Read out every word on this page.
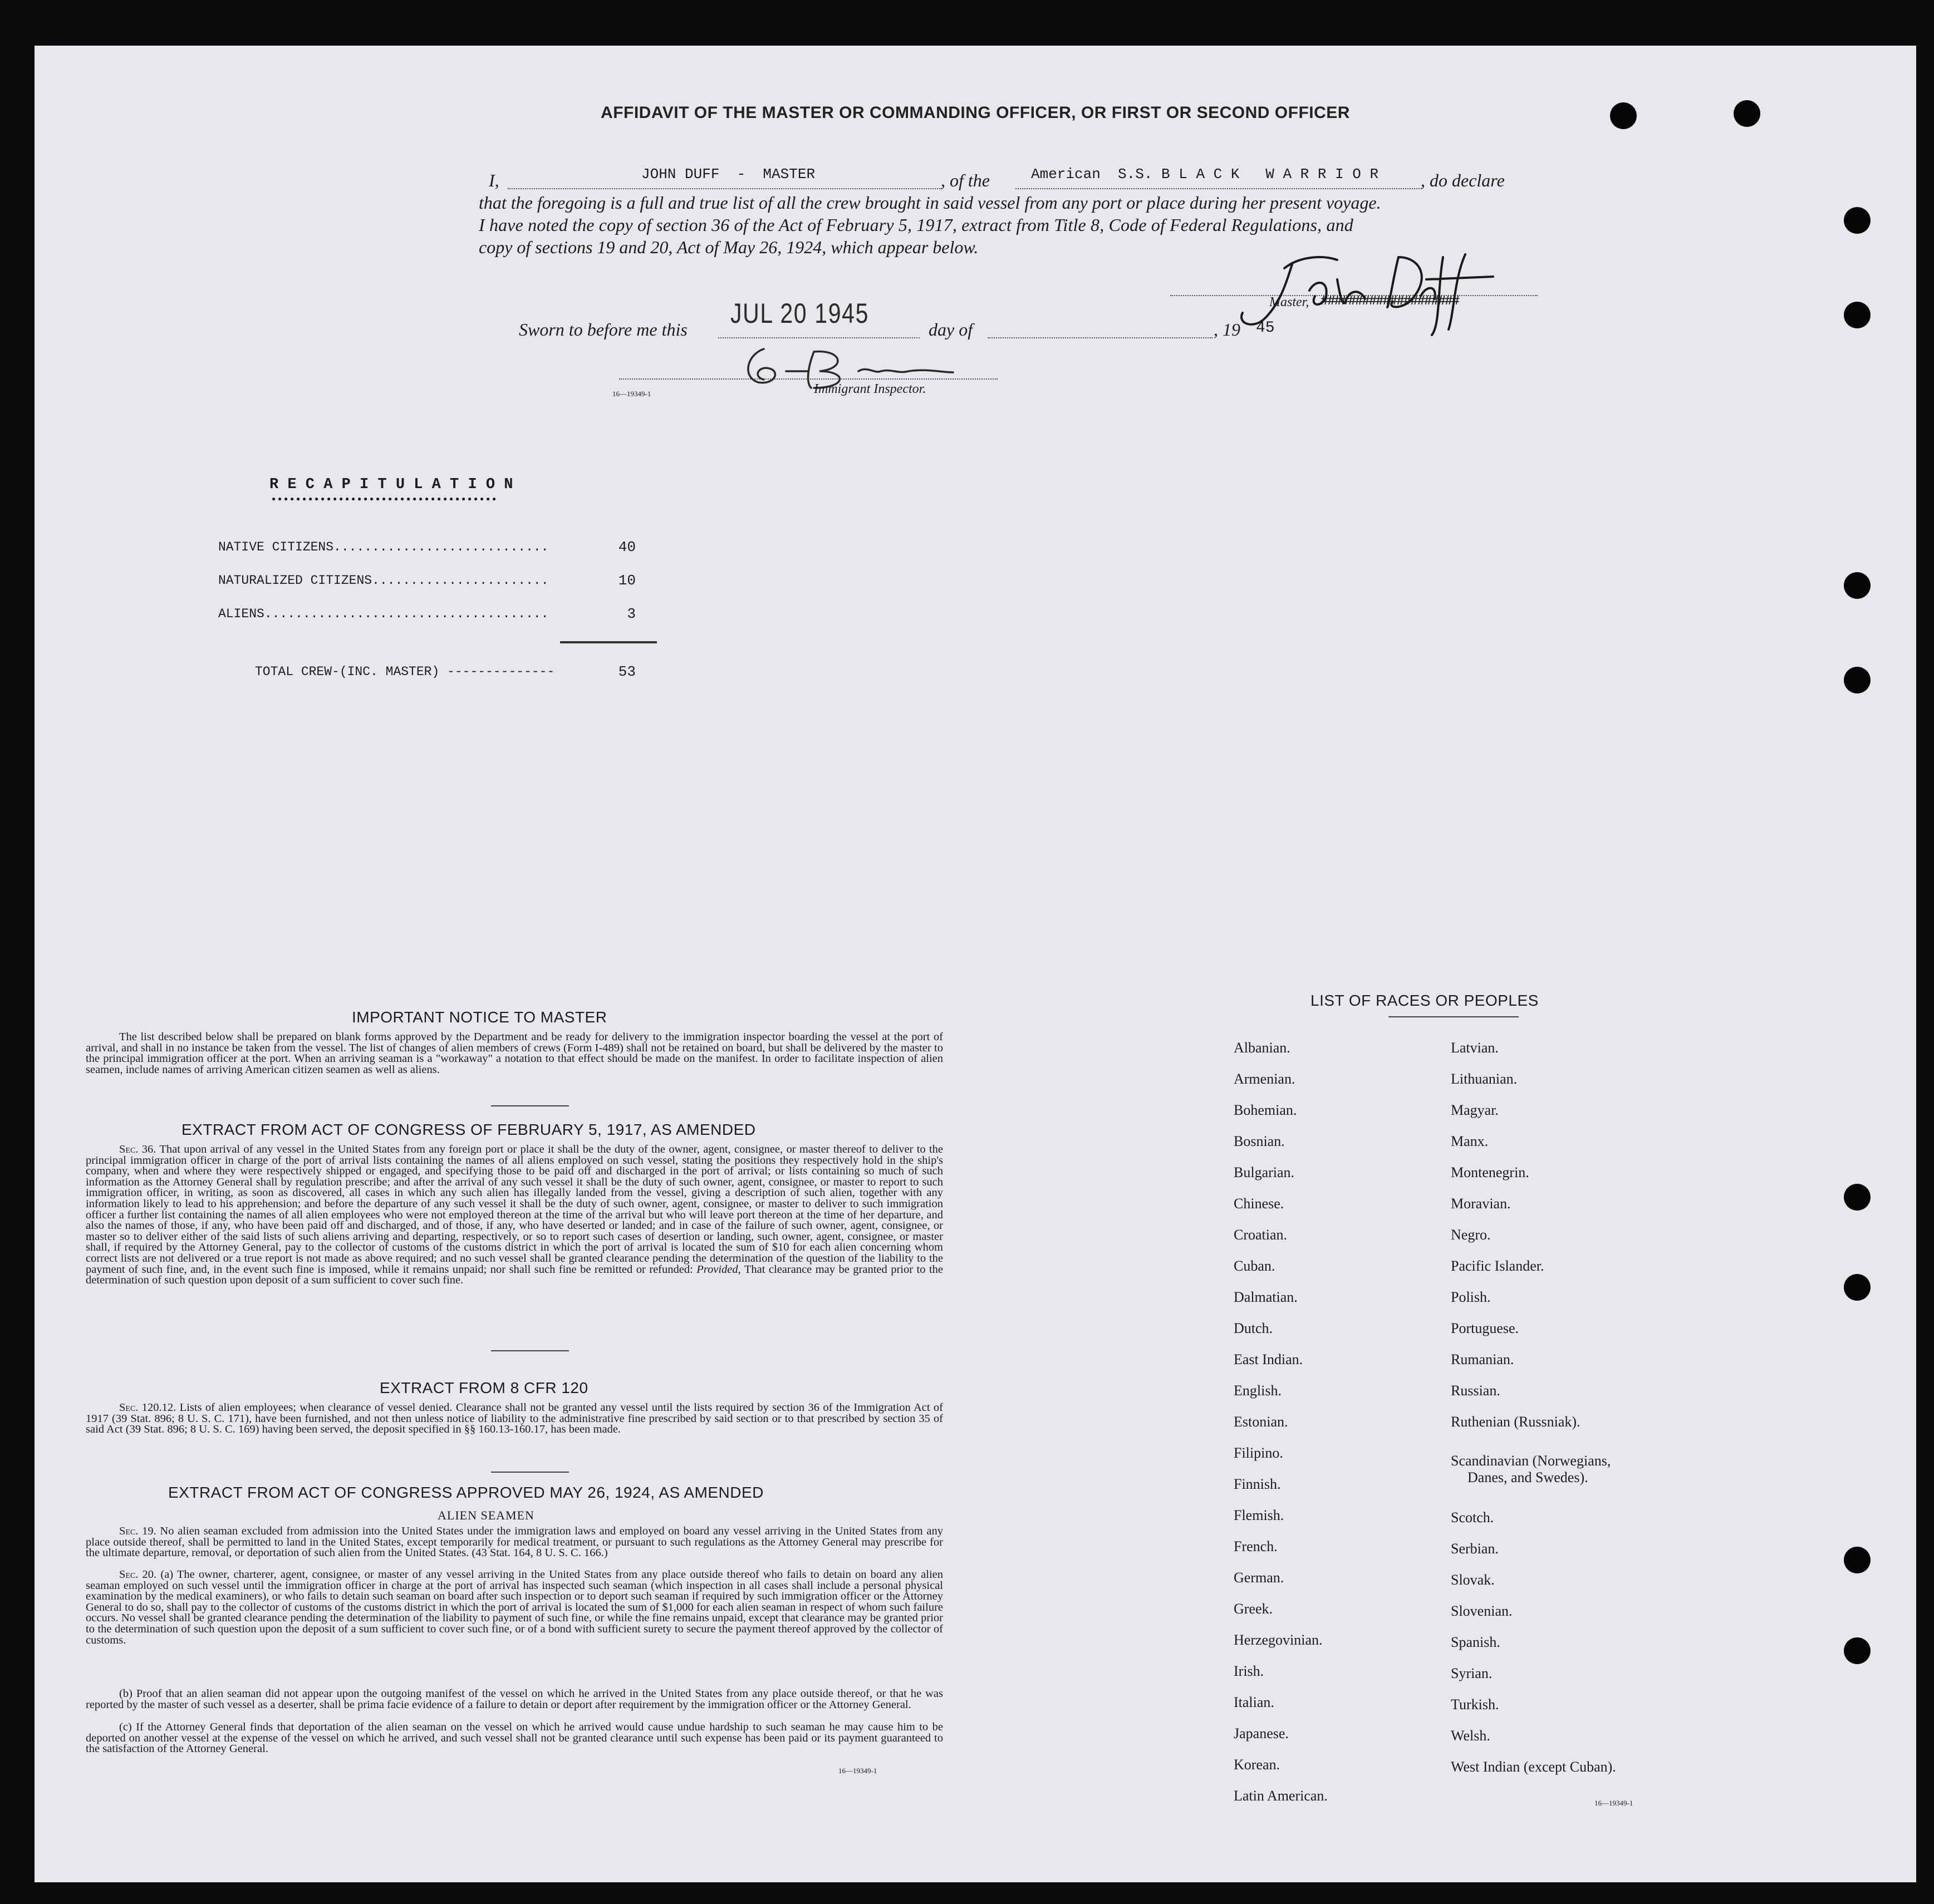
AFFIDAVIT OF THE MASTER OR COMMANDING OFFICER, OR FIRST OR SECOND OFFICER
I,	JOHN DUFF  -  MASTER	, of the	American  S.S. B L A C K   W A R R I O R , do declare
that the foregoing is a full and true list of all the crew brought in said vessel from any port or place during her present voyage.
I have noted the copy of section 36 of the Act of February 5, 1917, extract from Title 8, Code of Federal Regulations, and
copy of sections 19 and 20, Act of May 26, 1924, which appear below.
Master, ####################
Sworn to before me this
JUL 20 1945
day of	, 19 45
16—19349-1	Immigrant Inspector.
R E C A P I T U L A T I O N
●●●●●●●●●●●●●●●●●●●●●●●●●●●●●●●●●●●●●
NATIVE CITIZENS............................	40
NATURALIZED CITIZENS.......................	10
ALIENS.....................................	3
TOTAL CREW-(INC. MASTER) --------------	53
IMPORTANT NOTICE TO MASTER

The list described below shall be prepared on blank forms approved by the Department and be ready for delivery to the immigration inspector boarding the vessel at the port of arrival, and shall in no instance be taken from the vessel. The list of changes of alien members of crews (Form I-489) shall not be retained on board, but shall be delivered by the master to the principal immigration officer at the port. When an arriving seaman is a "workaway" a notation to that effect should be made on the manifest. In order to facilitate inspection of alien seamen, include names of arriving American citizen seamen as well as aliens.

EXTRACT FROM ACT OF CONGRESS OF FEBRUARY 5, 1917, AS AMENDED

Sec. 36. That upon arrival of any vessel in the United States from any foreign port or place it shall be the duty of the owner, agent, consignee, or master thereof to deliver to the principal immigration officer in charge of the port of arrival lists containing the names of all aliens employed on such vessel, stating the positions they respectively hold in the ship's company, when and where they were respectively shipped or engaged, and specifying those to be paid off and discharged in the port of arrival; or lists containing so much of such information as the Attorney General shall by regulation prescribe; and after the arrival of any such vessel it shall be the duty of such owner, agent, consignee, or master to report to such immigration officer, in writing, as soon as discovered, all cases in which any such alien has illegally landed from the vessel, giving a description of such alien, together with any information likely to lead to his apprehension; and before the departure of any such vessel it shall be the duty of such owner, agent, consignee, or master to deliver to such immigration officer a further list containing the names of all alien employees who were not employed thereon at the time of the arrival but who will leave port thereon at the time of her departure, and also the names of those, if any, who have been paid off and discharged, and of those, if any, who have deserted or landed; and in case of the failure of such owner, agent, consignee, or master so to deliver either of the said lists of such aliens arriving and departing, respectively, or so to report such cases of desertion or landing, such owner, agent, consignee, or master shall, if required by the Attorney General, pay to the collector of customs of the customs district in which the port of arrival is located the sum of $10 for each alien concerning whom correct lists are not delivered or a true report is not made as above required; and no such vessel shall be granted clearance pending the determination of the question of the liability to the payment of such fine, and, in the event such fine is imposed, while it remains unpaid; nor shall such fine be remitted or refunded: Provided, That clearance may be granted prior to the determination of such question upon deposit of a sum sufficient to cover such fine.

EXTRACT FROM 8 CFR 120

Sec. 120.12. Lists of alien employees; when clearance of vessel denied. Clearance shall not be granted any vessel until the lists required by section 36 of the Immigration Act of 1917 (39 Stat. 896; 8 U. S. C. 171), have been furnished, and not then unless notice of liability to the administrative fine prescribed by said section or to that prescribed by section 35 of said Act (39 Stat. 896; 8 U. S. C. 169) having been served, the deposit specified in §§ 160.13-160.17, has been made.

EXTRACT FROM ACT OF CONGRESS APPROVED MAY 26, 1924, AS AMENDED
ALIEN SEAMEN

Sec. 19. No alien seaman excluded from admission into the United States under the immigration laws and employed on board any vessel arriving in the United States from any place outside thereof, shall be permitted to land in the United States, except temporarily for medical treatment, or pursuant to such regulations as the Attorney General may prescribe for the ultimate departure, removal, or deportation of such alien from the United States. (43 Stat. 164, 8 U. S. C. 166.)

Sec. 20. (a) The owner, charterer, agent, consignee, or master of any vessel arriving in the United States from any place outside thereof who fails to detain on board any alien seaman employed on such vessel until the immigration officer in charge at the port of arrival has inspected such seaman (which inspection in all cases shall include a personal physical examination by the medical examiners), or who fails to detain such seaman on board after such inspection or to deport such seaman if required by such immigration officer or the Attorney General to do so, shall pay to the collector of customs of the customs district in which the port of arrival is located the sum of $1,000 for each alien seaman in respect of whom such failure occurs. No vessel shall be granted clearance pending the determination of the liability to payment of such fine, or while the fine remains unpaid, except that clearance may be granted prior to the determination of such question upon the deposit of a sum sufficient to cover such fine, or of a bond with sufficient surety to secure the payment thereof approved by the collector of customs.

(b) Proof that an alien seaman did not appear upon the outgoing manifest of the vessel on which he arrived in the United States from any place outside thereof, or that he was reported by the master of such vessel as a deserter, shall be prima facie evidence of a failure to detain or deport after requirement by the immigration officer or the Attorney General.

(c) If the Attorney General finds that deportation of the alien seaman on the vessel on which he arrived would cause undue hardship to such seaman he may cause him to be deported on another vessel at the expense of the vessel on which he arrived, and such vessel shall not be granted clearance until such expense has been paid or its payment guaranteed to the satisfaction of the Attorney General.

16—19349-1
LIST OF RACES OR PEOPLES
Albanian.
Armenian.
Bohemian.
Bosnian.
Bulgarian.
Chinese.
Croatian.
Cuban.
Dalmatian.
Dutch.
East Indian.
English.
Estonian.
Filipino.
Finnish.
Flemish.
French.
German.
Greek.
Herzegovinian.
Irish.
Italian.
Japanese.
Korean.
Latin American.
Latvian.
Lithuanian.
Magyar.
Manx.
Montenegrin.
Moravian.
Negro.
Pacific Islander.
Polish.
Portuguese.
Rumanian.
Russian.
Ruthenian (Russniak).
Scandinavian (Norwegians,
Danes, and Swedes).
Scotch.
Serbian.
Slovak.
Slovenian.
Spanish.
Syrian.
Turkish.
Welsh.
West Indian (except Cuban).
16—19349-1
